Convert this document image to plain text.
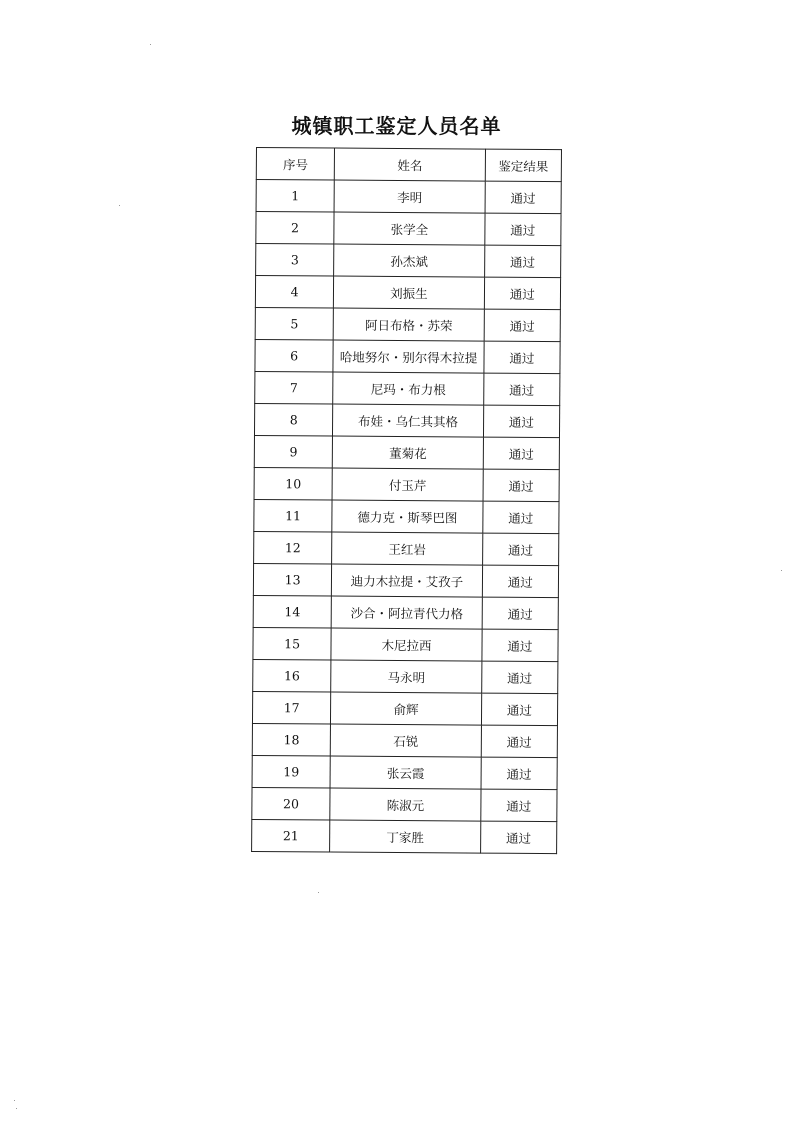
城镇职工鉴定人员名单
序号	姓名	鉴定结果
1	李明	通过
2	张学全	通过
3	孙杰斌	通过
4	刘振生	通过
5	阿日布格・苏荣	通过
6	哈地努尔・别尔得木拉提	通过
7	尼玛・布力根	通过
8	布娃・乌仁其其格	通过
9	董菊花	通过
10	付玉芹	通过
11	德力克・斯琴巴图	通过
12	王红岩	通过
13	迪力木拉提・艾孜子	通过
14	沙合・阿拉青代力格	通过
15	木尼拉西	通过
16	马永明	通过
17	俞辉	通过
18	石锐	通过
19	张云霞	通过
20	陈淑元	通过
21	丁家胜	通过
